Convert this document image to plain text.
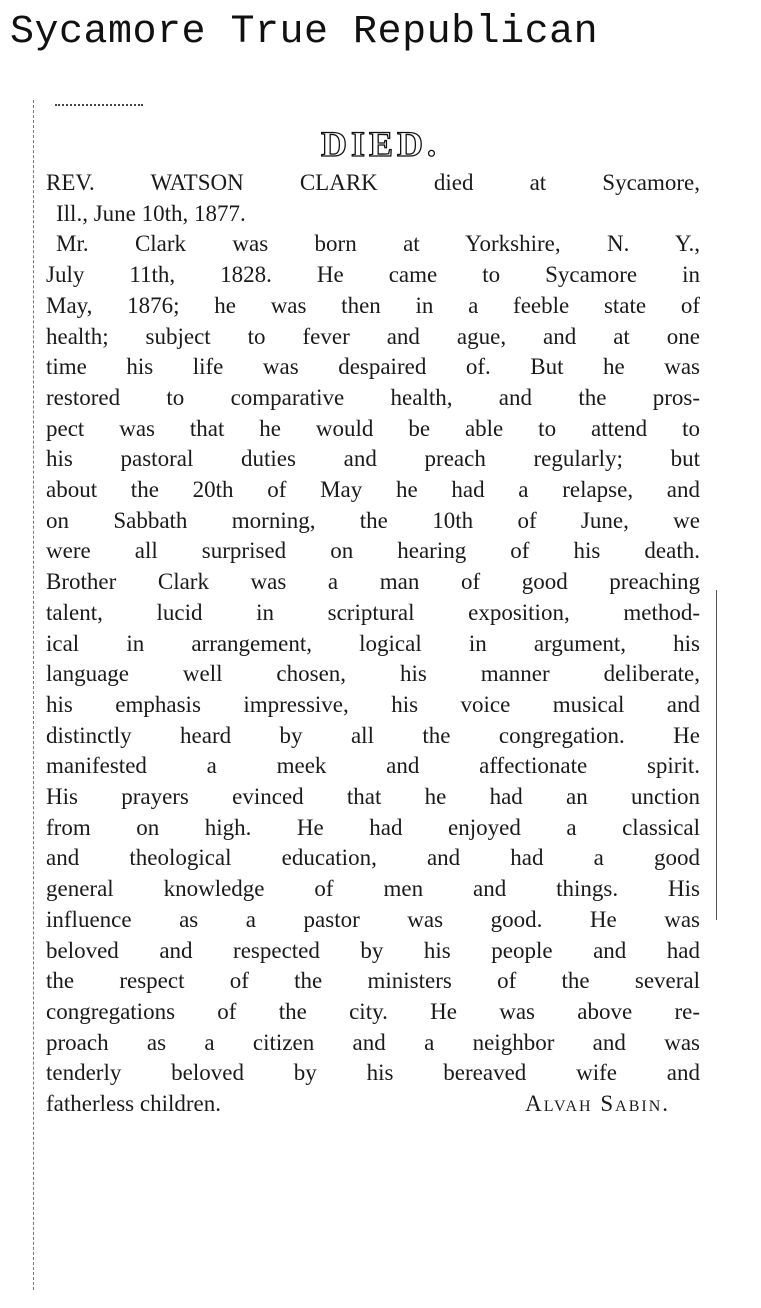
Sycamore True Republican
DIED.
REV. WATSON CLARK died at Sycamore,
Ill., June 10th, 1877.
Mr. Clark was born at Yorkshire, N. Y.,
July 11th, 1828. He came to Sycamore in
May, 1876; he was then in a feeble state of
health; subject to fever and ague, and at one
time his life was despaired of. But he was
restored to comparative health, and the pros-
pect was that he would be able to attend to
his pastoral duties and preach regularly; but
about the 20th of May he had a relapse, and
on Sabbath morning, the 10th of June, we
were all surprised on hearing of his death.
Brother Clark was a man of good preaching
talent, lucid in scriptural exposition, method-
ical in arrangement, logical in argument, his
language well chosen, his manner deliberate,
his emphasis impressive, his voice musical and
distinctly heard by all the congregation. He
manifested a meek and affectionate spirit.
His prayers evinced that he had an unction
from on high. He had enjoyed a classical
and theological education, and had a good
general knowledge of men and things. His
influence as a pastor was good. He was
beloved and respected by his people and had
the respect of the ministers of the several
congregations of the city. He was above re-
proach as a citizen and a neighbor and was
tenderly beloved by his bereaved wife and
fatherless children.	Alvah Sabin.
